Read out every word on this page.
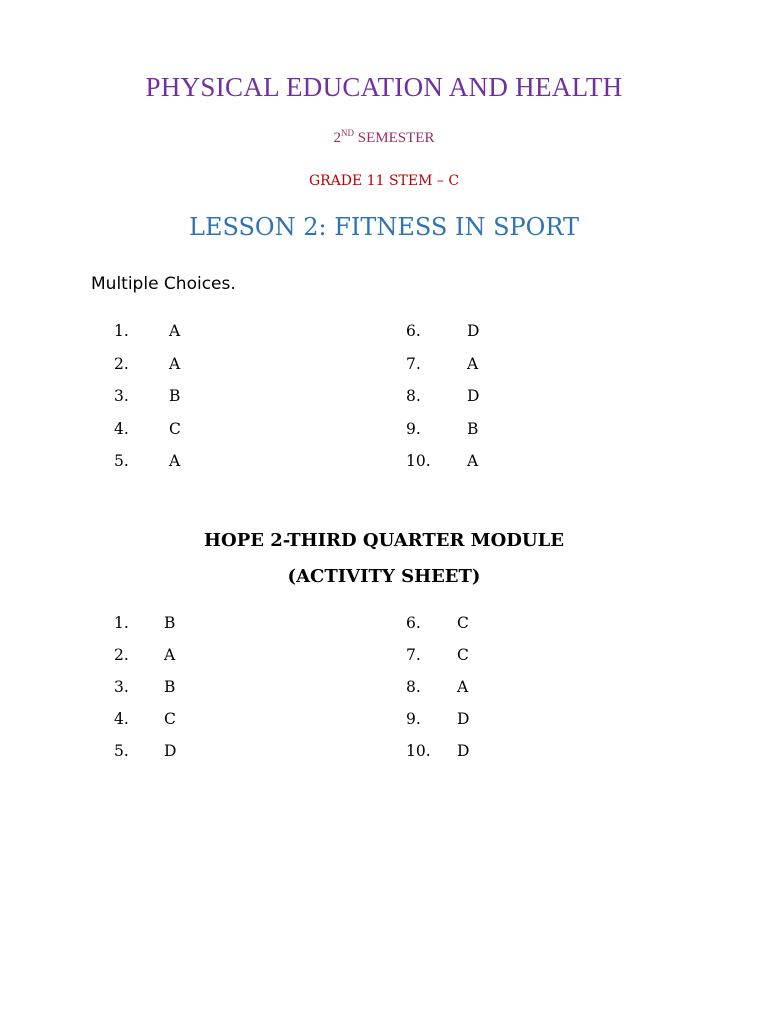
PHYSICAL EDUCATION AND HEALTH
2ND SEMESTER
GRADE 11 STEM – C
LESSON 2: FITNESS IN SPORT
Multiple Choices.
1.	A
2.	A
3.	B
4.	C
5.	A
6.	D
7.	A
8.	D
9.	B
10. A
HOPE 2-THIRD QUARTER MODULE
(ACTIVITY SHEET)
1. B
2. A
3. B
4. C
5. D
6. C
7. C
8. A
9. D
10. D
